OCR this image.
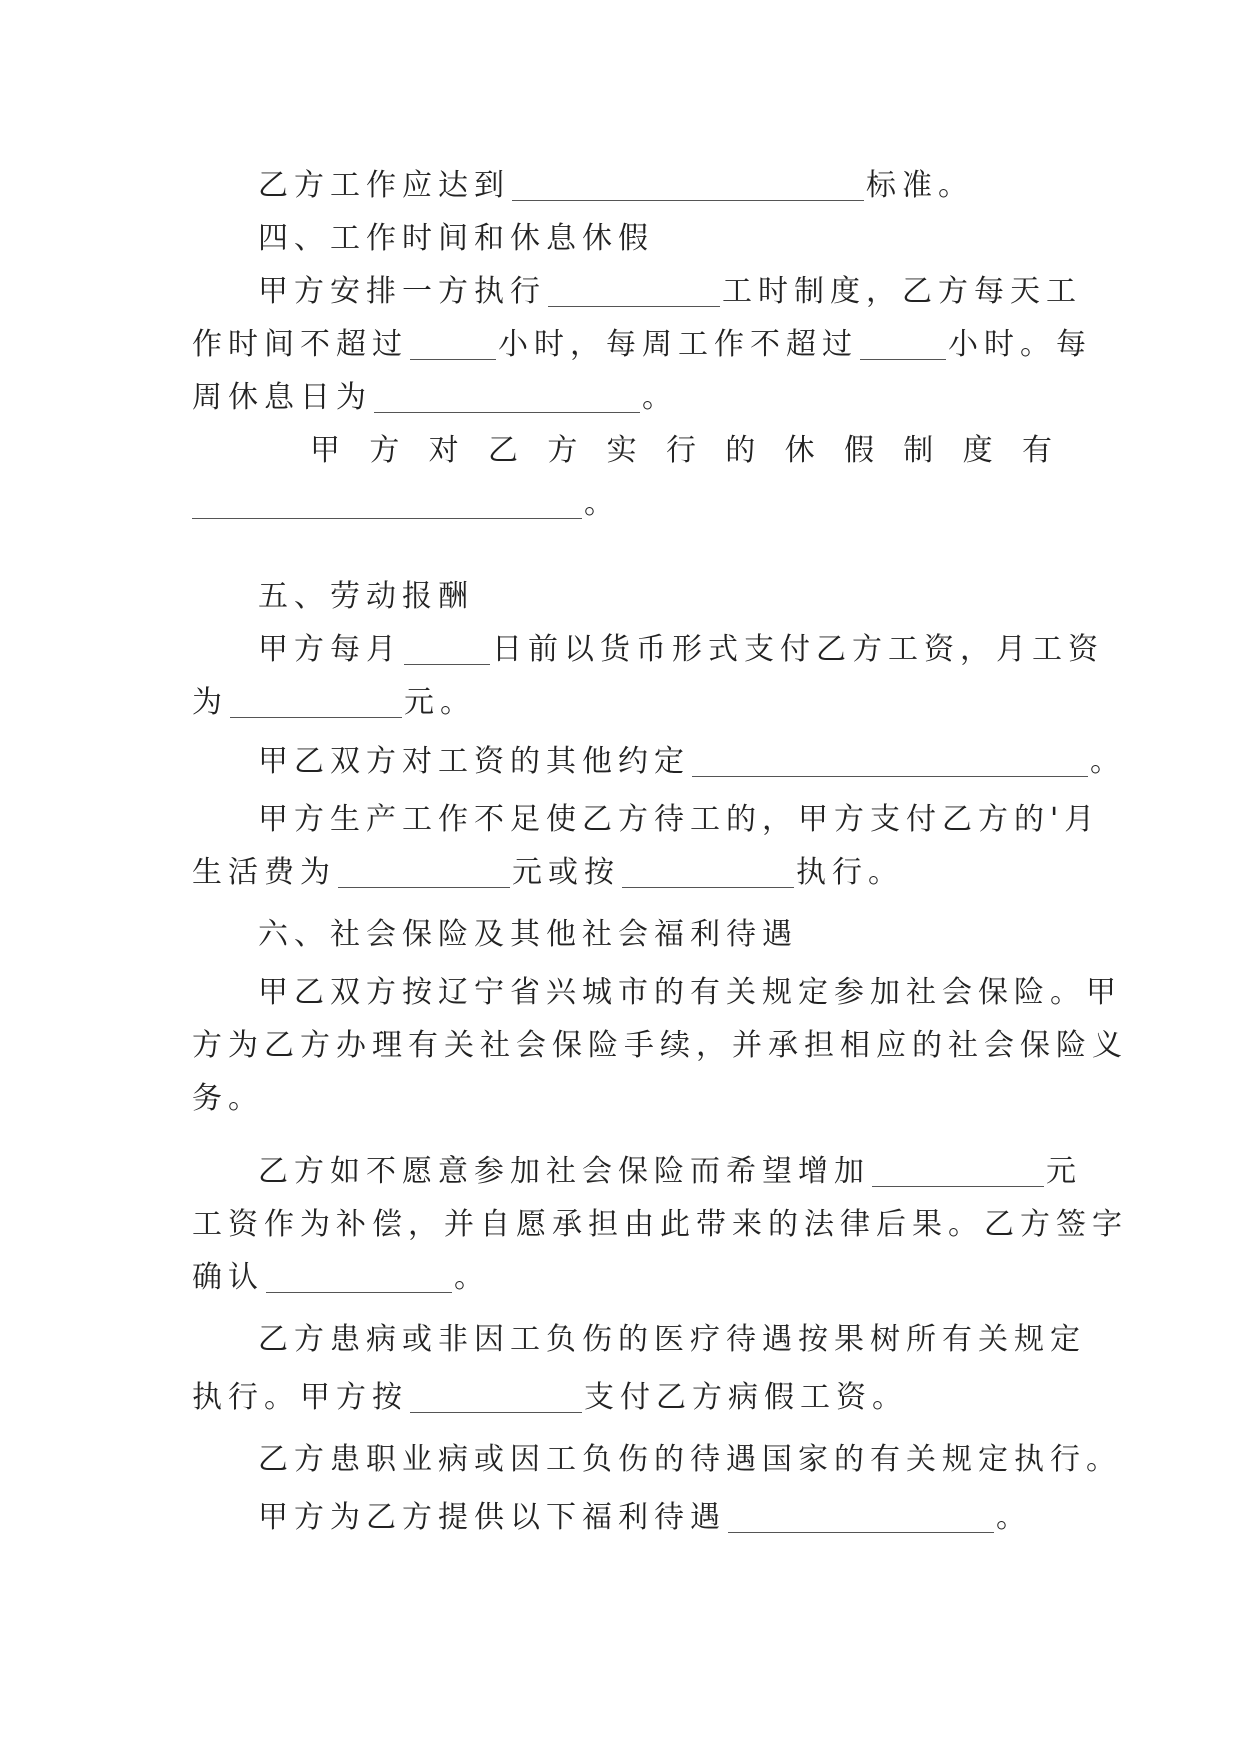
乙方工作应达到	标准。
四、工作时间和休息休假
甲方安排一方执行	工时制度，乙方每天工
作时间不超过	小时，每周工作不超过	小时。每
周休息日为	。
甲 方 对 乙 方 实 行 的 休 假 制 度 有
。
五、劳动报酬
甲方每月	日前以货币形式支付乙方工资，月工资
为	元。
甲乙双方对工资的其他约定	。
甲方生产工作不足使乙方待工的，甲方支付乙方的'月
生活费为	元或按	执行。
六、社会保险及其他社会福利待遇
甲乙双方按辽宁省兴城市的有关规定参加社会保险。甲
方为乙方办理有关社会保险手续，并承担相应的社会保险义
务。
乙方如不愿意参加社会保险而希望增加	元
工资作为补偿，并自愿承担由此带来的法律后果。乙方签字
确认	。
乙方患病或非因工负伤的医疗待遇按果树所有关规定
执行。甲方按	支付乙方病假工资。
乙方患职业病或因工负伤的待遇国家的有关规定执行。
甲方为乙方提供以下福利待遇	。
